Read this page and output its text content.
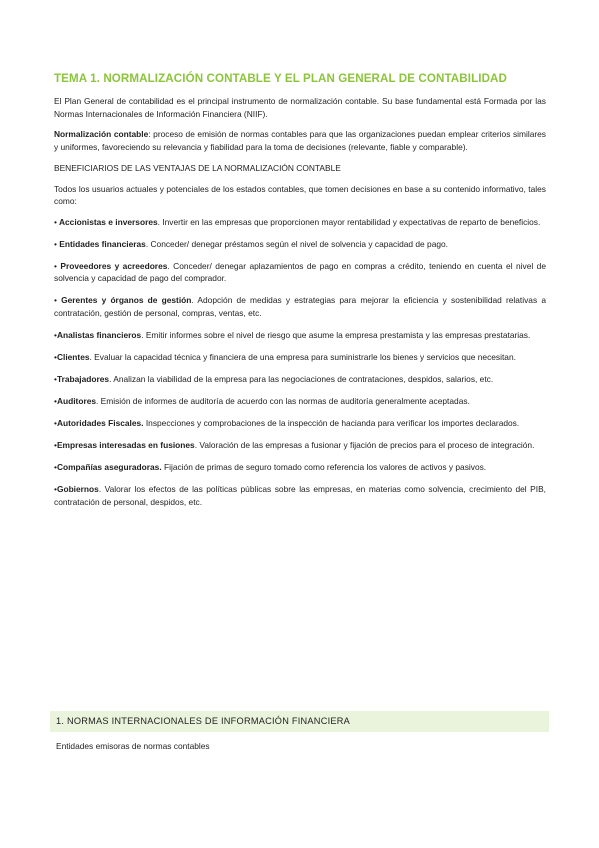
TEMA 1. NORMALIZACIÓN CONTABLE Y EL PLAN GENERAL DE CONTABILIDAD

El Plan General de contabilidad es el principal instrumento de normalización contable. Su base fundamental está Formada por las Normas Internacionales de Información Financiera (NIIF).

Normalización contable: proceso de emisión de normas contables para que las organizaciones puedan emplear criterios similares y uniformes, favoreciendo su relevancia y fiabilidad para la toma de decisiones (relevante, fiable y comparable).

BENEFICIARIOS DE LAS VENTAJAS DE LA NORMALIZACIÓN CONTABLE

Todos los usuarios actuales y potenciales de los estados contables, que tomen decisiones en base a su contenido informativo, tales como:

• Accionistas e inversores. Invertir en las empresas que proporcionen mayor rentabilidad y expectativas de reparto de beneficios.

• Entidades financieras. Conceder/ denegar préstamos según el nivel de solvencia y capacidad de pago.

• Proveedores y acreedores. Conceder/ denegar aplazamientos de pago en compras a crédito, teniendo en cuenta el nivel de solvencia y capacidad de pago del comprador.

• Gerentes y órganos de gestión. Adopción de medidas y estrategias para mejorar la eficiencia y sostenibilidad relativas a contratación, gestión de personal, compras, ventas, etc.

•Analistas financieros. Emitir informes sobre el nivel de riesgo que asume la empresa prestamista y las empresas prestatarias.

•Clientes. Evaluar la capacidad técnica y financiera de una empresa para suministrarle los bienes y servicios que necesitan.

•Trabajadores. Analizan la viabilidad de la empresa para las negociaciones de contrataciones, despidos, salarios, etc.

•Auditores. Emisión de informes de auditoría de acuerdo con las normas de auditoría generalmente aceptadas.

•Autoridades Fiscales. Inspecciones y comprobaciones de la inspección de hacianda para verificar los importes declarados.

•Empresas interesadas en fusiones. Valoración de las empresas a fusionar y fijación de precios para el proceso de integración.

•Compañías aseguradoras. Fijación de primas de seguro tomado como referencia los valores de activos y pasivos.

•Gobiernos. Valorar los efectos de las políticas públicas sobre las empresas, en materias como solvencia, crecimiento del PIB, contratación de personal, despidos, etc.

1. NORMAS INTERNACIONALES DE INFORMACIÓN FINANCIERA
Entidades emisoras de normas contables
